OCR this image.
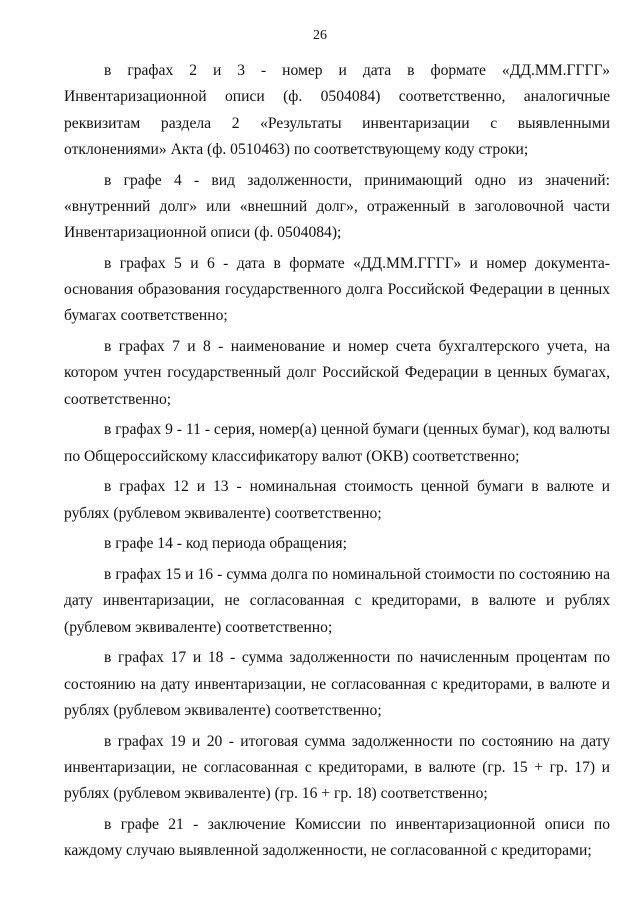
26

в графах 2 и 3 - номер и дата в формате «ДД.ММ.ГГГГ» Инвентаризационной описи (ф. 0504084) соответственно, аналогичные реквизитам раздела 2 «Результаты инвентаризации с выявленными отклонениями» Акта (ф. 0510463) по соответствующему коду строки;

в графе 4 - вид задолженности, принимающий одно из значений: «внутренний долг» или «внешний долг», отраженный в заголовочной части Инвентаризационной описи (ф. 0504084);

в графах 5 и 6 - дата в формате «ДД.ММ.ГГГГ» и номер документа-основания образования государственного долга Российской Федерации в ценных бумагах соответственно;

в графах 7 и 8 - наименование и номер счета бухгалтерского учета, на котором учтен государственный долг Российской Федерации в ценных бумагах, соответственно;

в графах 9 - 11 - серия, номер(а) ценной бумаги (ценных бумаг), код валюты по Общероссийскому классификатору валют (ОКВ) соответственно;

в графах 12 и 13 - номинальная стоимость ценной бумаги в валюте и рублях (рублевом эквиваленте) соответственно;

в графе 14 - код периода обращения;

в графах 15 и 16 - сумма долга по номинальной стоимости по состоянию на дату инвентаризации, не согласованная с кредиторами, в валюте и рублях (рублевом эквиваленте) соответственно;

в графах 17 и 18 - сумма задолженности по начисленным процентам по состоянию на дату инвентаризации, не согласованная с кредиторами, в валюте и рублях (рублевом эквиваленте) соответственно;

в графах 19 и 20 - итоговая сумма задолженности по состоянию на дату инвентаризации, не согласованная с кредиторами, в валюте (гр. 15 + гр. 17) и рублях (рублевом эквиваленте) (гр. 16 + гр. 18) соответственно;

в графе 21 - заключение Комиссии по инвентаризационной описи по каждому случаю выявленной задолженности, не согласованной с кредиторами;
